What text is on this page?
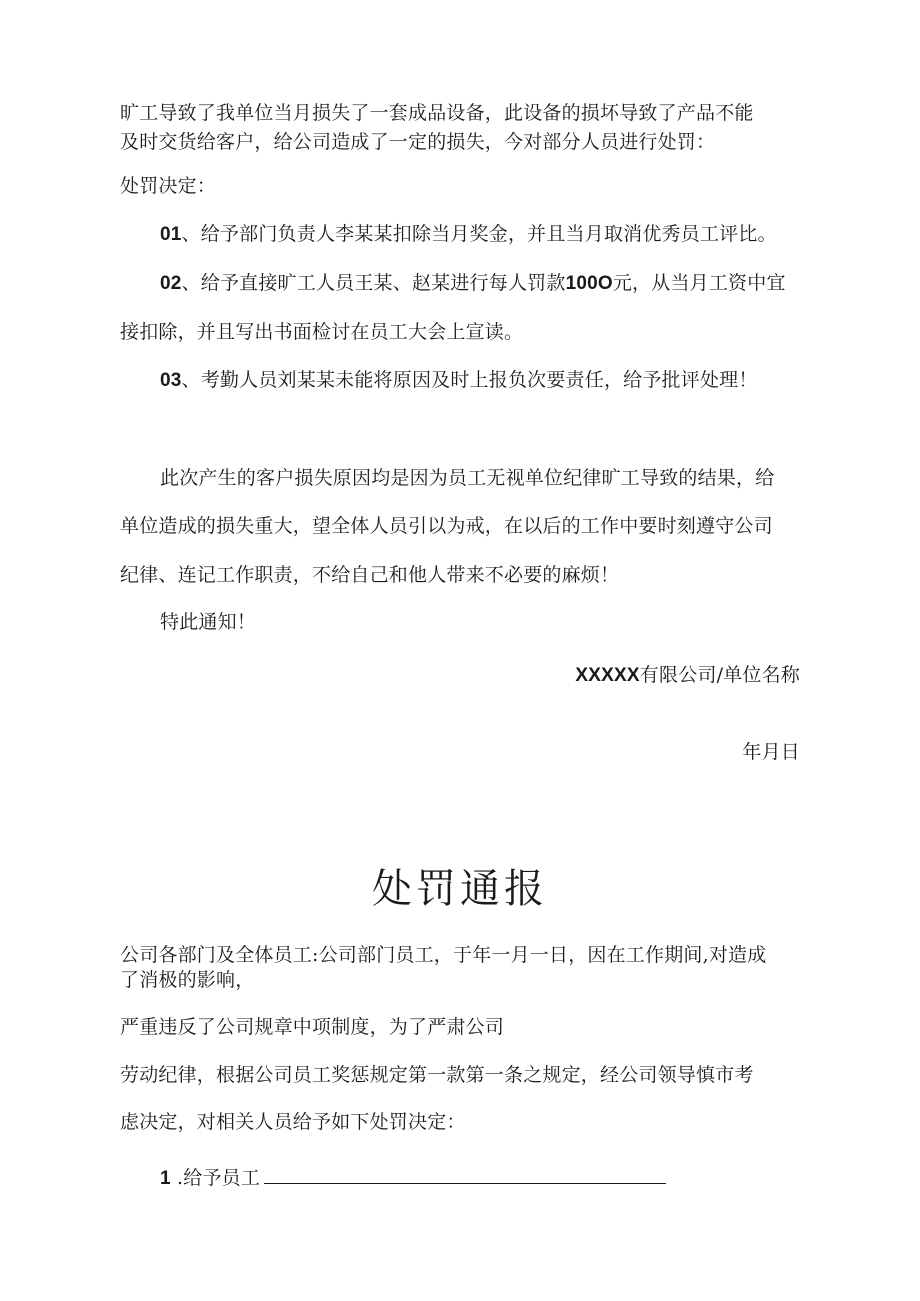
旷工导致了我单位当月损失了一套成品设备，此设备的损坏导致了产品不能
及时交货给客户，给公司造成了一定的损失，今对部分人员进行处罚：
处罚决定：
01、给予部门负责人李某某扣除当月奖金，并且当月取消优秀员工评比。
02、给予直接旷工人员王某、赵某进行每人罚款100O元，从当月工资中宜
接扣除，并且写出书面检讨在员工大会上宣读。
03、考勤人员刘某某未能将原因及时上报负次要责任，给予批评处理！
此次产生的客户损失原因均是因为员工无视单位纪律旷工导致的结果，给
单位造成的损失重大，望全体人员引以为戒，在以后的工作中要时刻遵守公司
纪律、连记工作职责，不给自己和他人带来不必要的麻烦！
特此通知！
XXXXX有限公司/单位名称
年月日
处罚通报
公司各部门及全体员工:公司部门员工，于年一月一日，因在工作期间,对造成
了消极的影响，
严重违反了公司规章中项制度，为了严肃公司
劳动纪律，根据公司员工奖惩规定第一款第一条之规定，经公司领导慎市考
虑决定，对相关人员给予如下处罚决定：
1 .给予员工
